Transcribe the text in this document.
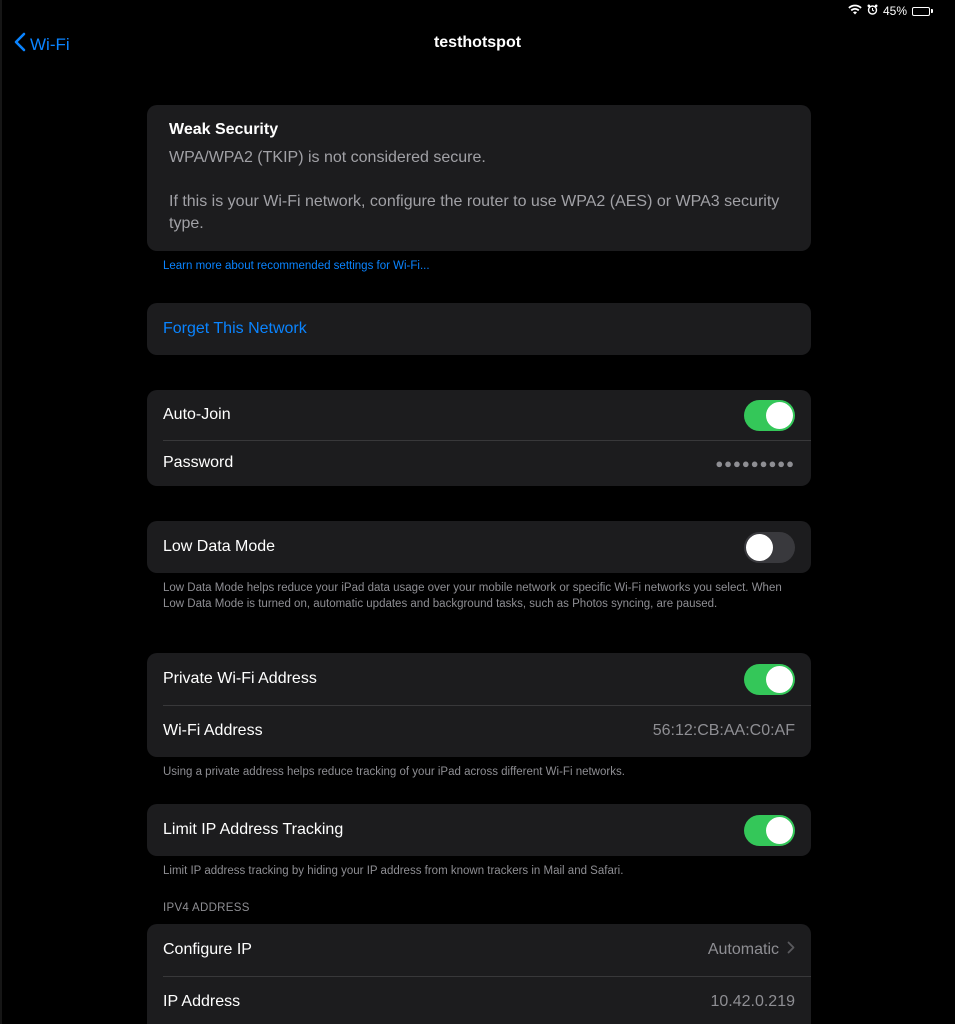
45%
Wi-Fi	testhotspot
Weak Security
WPA/WPA2 (TKIP) is not considered secure.
If this is your Wi-Fi network, configure the router to use WPA2 (AES) or WPA3 security type.
Learn more about recommended settings for Wi-Fi...
Forget This Network
Auto-Join
Password	●●●●●●●●●
Low Data Mode
Low Data Mode helps reduce your iPad data usage over your mobile network or specific Wi-Fi networks you select. When Low Data Mode is turned on, automatic updates and background tasks, such as Photos syncing, are paused.
Private Wi-Fi Address
Wi-Fi Address	56:12:CB:AA:C0:AF
Using a private address helps reduce tracking of your iPad across different Wi-Fi networks.
Limit IP Address Tracking
Limit IP address tracking by hiding your IP address from known trackers in Mail and Safari.
IPV4 ADDRESS
Configure IP	Automatic
IP Address	10.42.0.219
